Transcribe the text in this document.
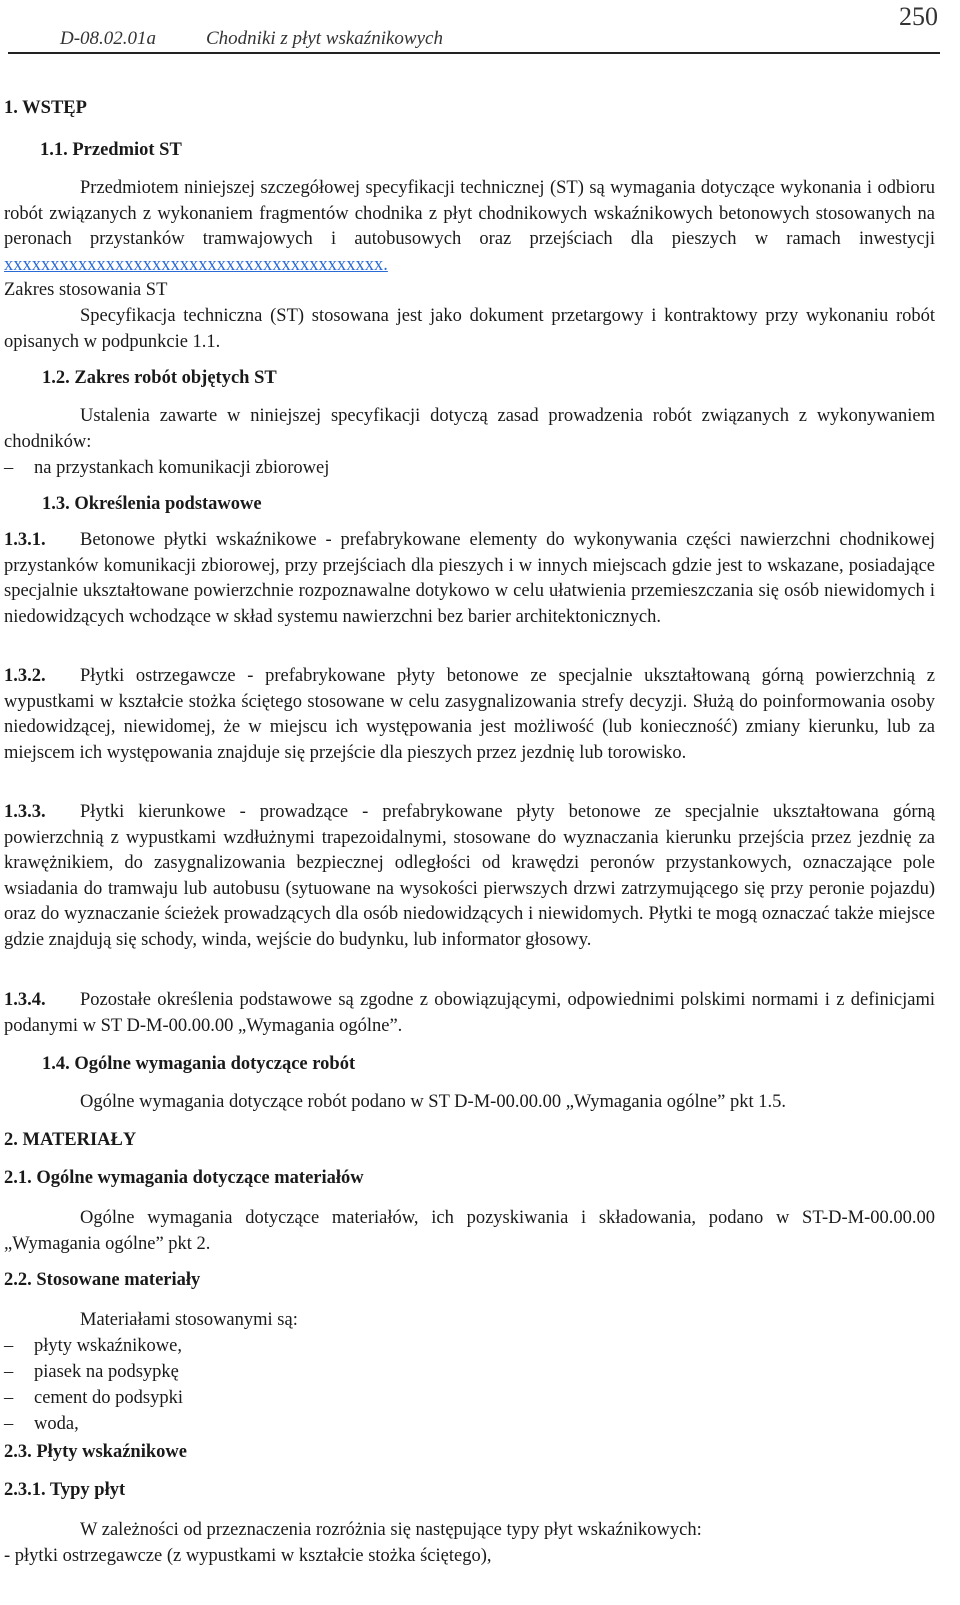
D-08.02.01a	Chodniki z płyt wskaźnikowych
250
1. WSTĘP
1.1. Przedmiot ST
Przedmiotem niniejszej szczegółowej specyfikacji technicznej (ST) są wymagania dotyczące wykonania i odbioru robót związanych z wykonaniem fragmentów chodnika z płyt chodnikowych wskaźnikowych betonowych stosowanych na peronach przystanków tramwajowych i autobusowych oraz przejściach dla pieszych w ramach inwestycji xxxxxxxxxxxxxxxxxxxxxxxxxxxxxxxxxxxxxxxxx.
Zakres stosowania ST
Specyfikacja techniczna (ST) stosowana jest jako dokument przetargowy i kontraktowy przy wykonaniu robót opisanych w podpunkcie 1.1.
1.2. Zakres robót objętych ST
Ustalenia zawarte w niniejszej specyfikacji dotyczą zasad prowadzenia robót związanych z wykonywaniem chodników:
– na przystankach komunikacji zbiorowej
1.3. Określenia podstawowe
1.3.1. Betonowe płytki wskaźnikowe - prefabrykowane elementy do wykonywania części nawierzchni chodnikowej przystanków komunikacji zbiorowej, przy przejściach dla pieszych i w innych miejscach gdzie jest to wskazane, posiadające specjalnie ukształtowane powierzchnie rozpoznawalne dotykowo w celu ułatwienia przemieszczania się osób niewidomych i niedowidzących wchodzące w skład systemu nawierzchni bez barier architektonicznych.
1.3.2. Płytki ostrzegawcze - prefabrykowane płyty betonowe ze specjalnie ukształtowaną górną powierzchnią z wypustkami w kształcie stożka ściętego stosowane w celu zasygnalizowania strefy decyzji. Służą do poinformowania osoby niedowidzącej, niewidomej, że w miejscu ich występowania jest możliwość (lub konieczność) zmiany kierunku, lub za miejscem ich występowania znajduje się przejście dla pieszych przez jezdnię lub torowisko.
1.3.3. Płytki kierunkowe - prowadzące - prefabrykowane płyty betonowe ze specjalnie ukształtowana górną powierzchnią z wypustkami wzdłużnymi trapezoidalnymi, stosowane do wyznaczania kierunku przejścia przez jezdnię za krawężnikiem, do zasygnalizowania bezpiecznej odległości od krawędzi peronów przystankowych, oznaczające pole wsiadania do tramwaju lub autobusu (sytuowane na wysokości pierwszych drzwi zatrzymującego się przy peronie pojazdu) oraz do wyznaczanie ścieżek prowadzących dla osób niedowidzących i niewidomych. Płytki te mogą oznaczać także miejsce gdzie znajdują się schody, winda, wejście do budynku, lub informator głosowy.
1.3.4. Pozostałe określenia podstawowe są zgodne z obowiązującymi, odpowiednimi polskimi normami i z definicjami podanymi w ST D-M-00.00.00 „Wymagania ogólne”.
1.4. Ogólne wymagania dotyczące robót
Ogólne wymagania dotyczące robót podano w ST D-M-00.00.00 „Wymagania ogólne” pkt 1.5.
2. MATERIAŁY
2.1. Ogólne wymagania dotyczące materiałów
Ogólne wymagania dotyczące materiałów, ich pozyskiwania i składowania, podano w ST-D-M-00.00.00 „Wymagania ogólne” pkt 2.
2.2. Stosowane materiały
Materiałami stosowanymi są:
– płyty wskaźnikowe,
– piasek na podsypkę
– cement do podsypki
– woda,
2.3. Płyty wskaźnikowe
2.3.1. Typy płyt
W zależności od przeznaczenia rozróżnia się następujące typy płyt wskaźnikowych:
- płytki ostrzegawcze (z wypustkami w kształcie stożka ściętego),
